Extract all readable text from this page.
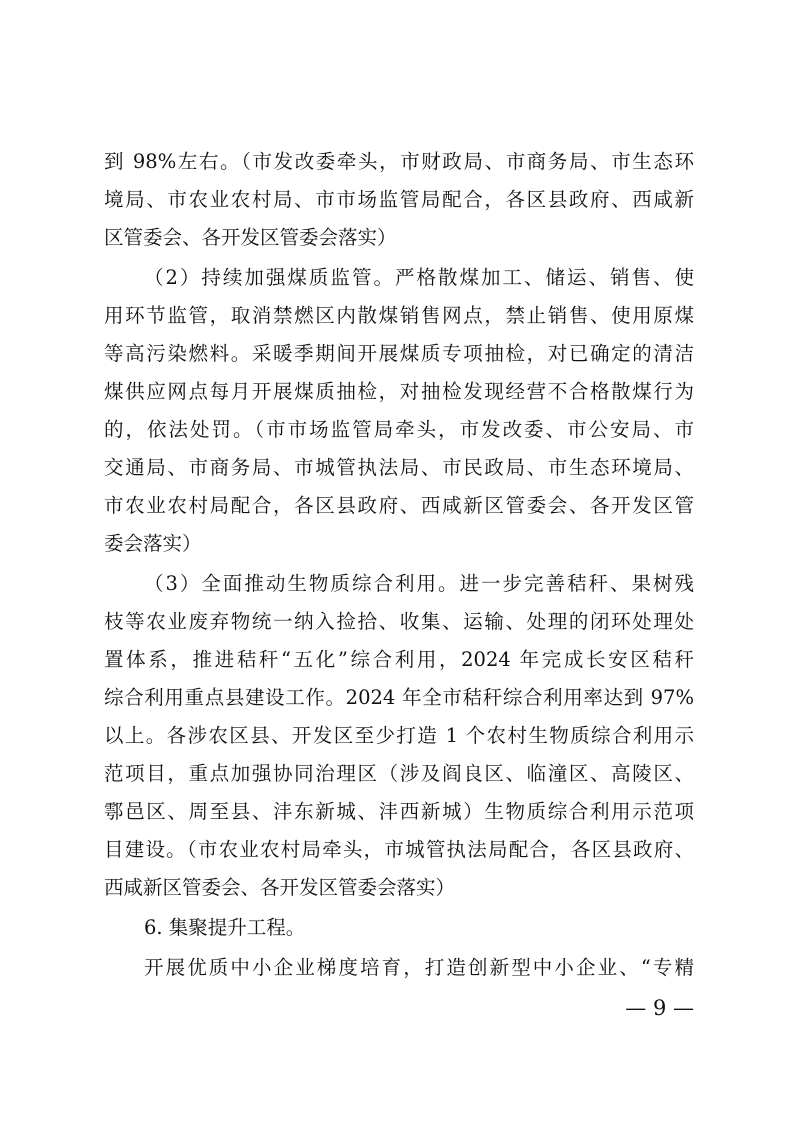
到 98%左右。（市发改委牵头，市财政局、市商务局、市生态环
境局、市农业农村局、市市场监管局配合，各区县政府、西咸新
区管委会、各开发区管委会落实）
（2）持续加强煤质监管。严格散煤加工、储运、销售、使
用环节监管，取消禁燃区内散煤销售网点，禁止销售、使用原煤
等高污染燃料。采暖季期间开展煤质专项抽检，对已确定的清洁
煤供应网点每月开展煤质抽检，对抽检发现经营不合格散煤行为
的，依法处罚。（市市场监管局牵头，市发改委、市公安局、市
交通局、市商务局、市城管执法局、市民政局、市生态环境局、
市农业农村局配合，各区县政府、西咸新区管委会、各开发区管
委会落实）
（3）全面推动生物质综合利用。进一步完善秸秆、果树残
枝等农业废弃物统一纳入捡拾、收集、运输、处理的闭环处理处
置体系，推进秸秆“五化”综合利用，2024 年完成长安区秸秆
综合利用重点县建设工作。2024 年全市秸秆综合利用率达到 97%
以上。各涉农区县、开发区至少打造 1 个农村生物质综合利用示
范项目，重点加强协同治理区（涉及阎良区、临潼区、高陵区、
鄠邑区、周至县、沣东新城、沣西新城）生物质综合利用示范项
目建设。（市农业农村局牵头，市城管执法局配合，各区县政府、
西咸新区管委会、各开发区管委会落实）
6. 集聚提升工程。
开展优质中小企业梯度培育，打造创新型中小企业、“专精
— 9 —
